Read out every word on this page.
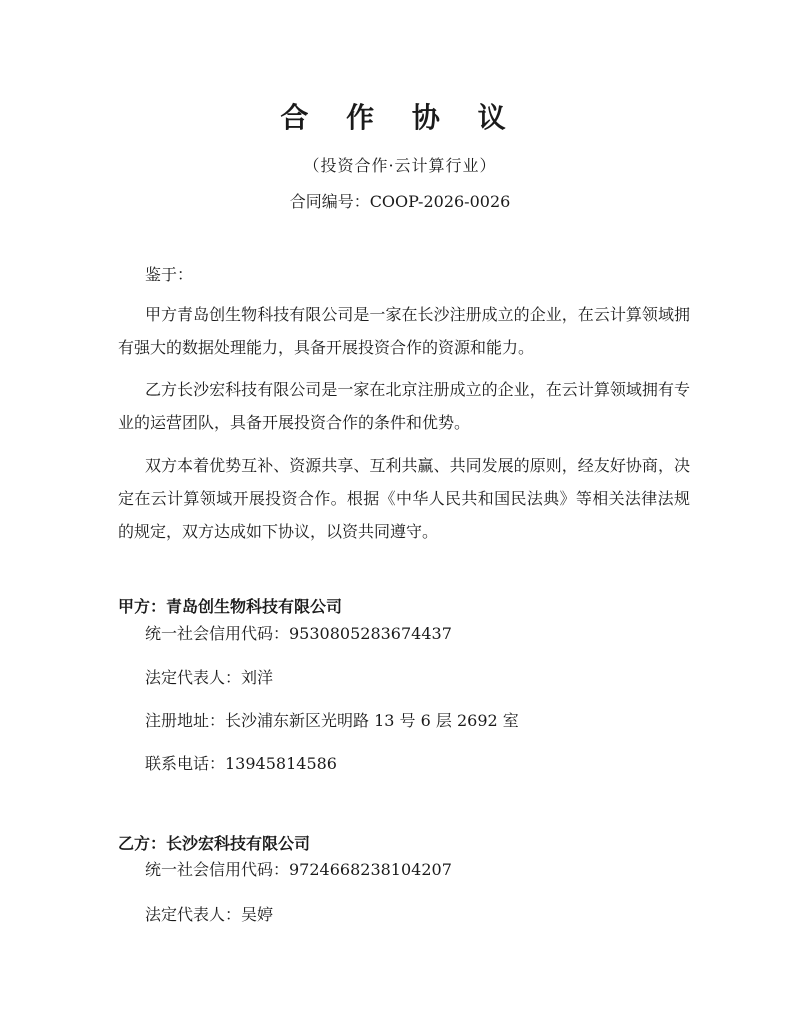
合 作 协 议
（投资合作·云计算行业）
合同编号：COOP-2026-0026
鉴于：

甲方青岛创生物科技有限公司是一家在长沙注册成立的企业，在云计算领域拥有强大的数据处理能力，具备开展投资合作的资源和能力。

乙方长沙宏科技有限公司是一家在北京注册成立的企业，在云计算领域拥有专业的运营团队，具备开展投资合作的条件和优势。

双方本着优势互补、资源共享、互利共赢、共同发展的原则，经友好协商，决定在云计算领域开展投资合作。根据《中华人民共和国民法典》等相关法律法规的规定，双方达成如下协议，以资共同遵守。

甲方：青岛创生物科技有限公司
统一社会信用代码：9530805283674437
法定代表人：刘洋
注册地址：长沙浦东新区光明路 13 号 6 层 2692 室
联系电话：13945814586
乙方：长沙宏科技有限公司
统一社会信用代码：9724668238104207
法定代表人：吴婷
